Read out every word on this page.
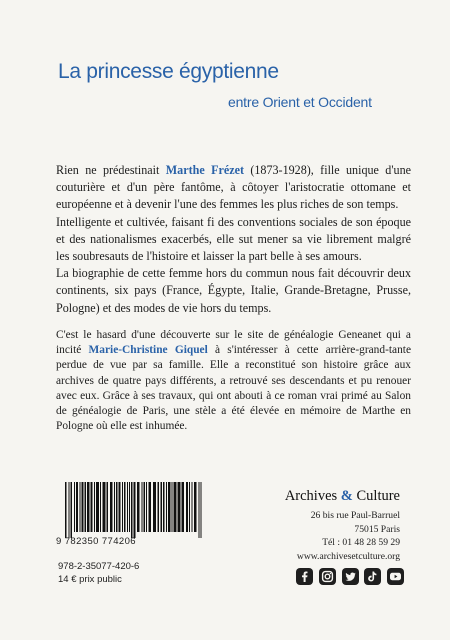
La princesse égyptienne
entre Orient et Occident

Rien ne prédestinait Marthe Frézet (1873-1928), fille unique d'une couturière et d'un père fantôme, à côtoyer l'aristocratie ottomane et européenne et à devenir l'une des femmes les plus riches de son temps.

Intelligente et cultivée, faisant fi des conventions sociales de son époque et des nationalismes exacerbés, elle sut mener sa vie librement malgré les soubresauts de l'histoire et laisser la part belle à ses amours.

La biographie de cette femme hors du commun nous fait découvrir deux continents, six pays (France, Égypte, Italie, Grande-Bretagne, Prusse, Pologne) et des modes de vie hors du temps.

C'est le hasard d'une découverte sur le site de généalogie Geneanet qui a incité Marie-Christine Giquel à s'intéresser à cette arrière-grand-tante perdue de vue par sa famille. Elle a reconstitué son histoire grâce aux archives de quatre pays différents, a retrouvé ses descendants et pu renouer avec eux. Grâce à ses travaux, qui ont abouti à ce roman vrai primé au Salon de généalogie de Paris, une stèle a été élevée en mémoire de Marthe en Pologne où elle est inhumée.

9 782350 774206
978-2-35077-420-6
14 € prix public
Archives & Culture
26 bis rue Paul-Barruel
75015 Paris
Tél : 01 48 28 59 29
www.archivesetculture.org
